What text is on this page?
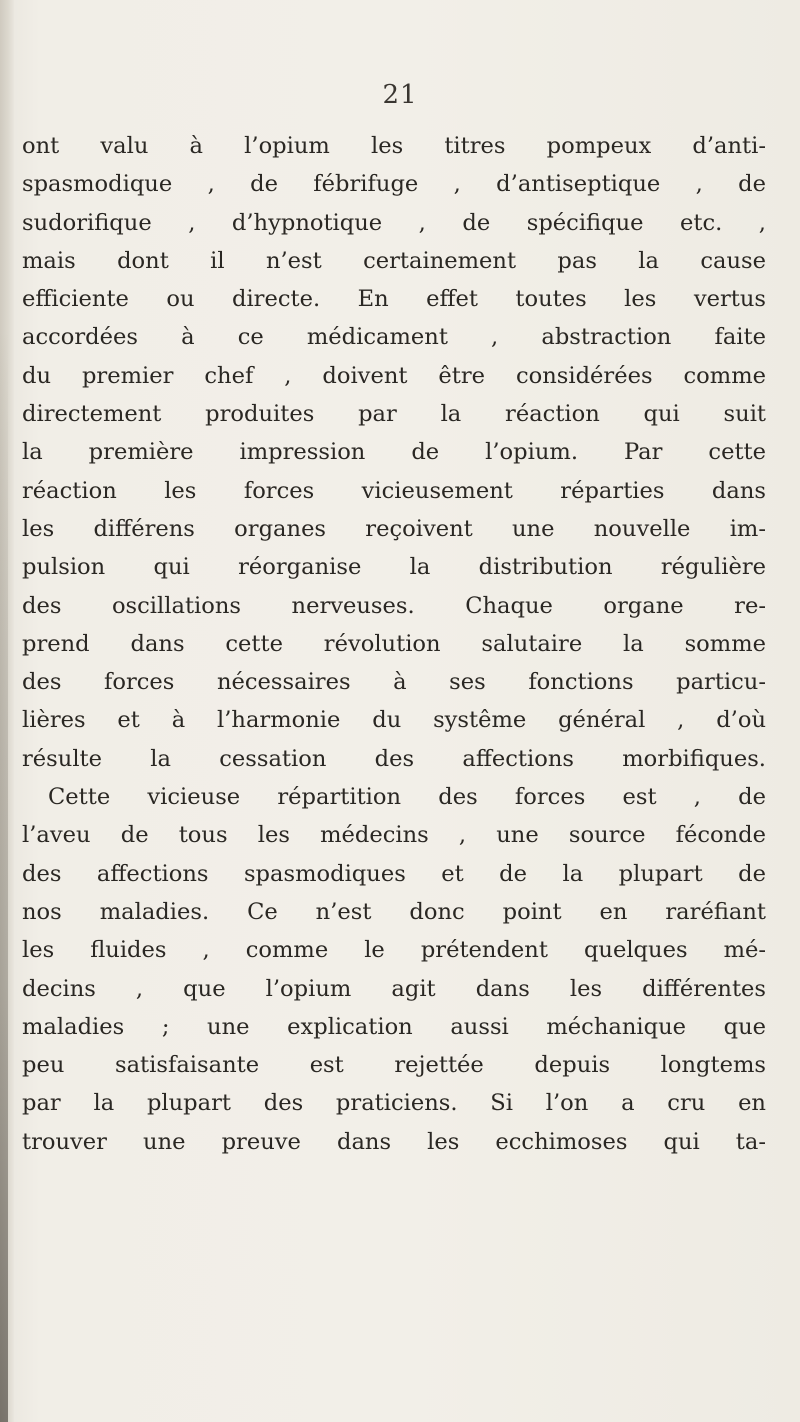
21
ont valu à l’opium les titres pompeux d’anti-
spasmodique , de fébrifuge , d’antiseptique , de
sudorifique , d’hypnotique , de spécifique etc. ,
mais dont il n’est certainement pas la cause
efficiente ou directe. En effet toutes les vertus
accordées à ce médicament , abstraction faite
du premier chef , doivent être considérées comme
directement produites par la réaction qui suit
la première impression de l’opium. Par cette
réaction les forces vicieusement réparties dans
les différens organes reçoivent une nouvelle im-
pulsion qui réorganise la distribution régulière
des oscillations nerveuses. Chaque organe re-
prend dans cette révolution salutaire la somme
des forces nécessaires à ses fonctions particu-
lières et à l’harmonie du systême général , d’où
résulte la cessation des affections morbifiques.
Cette vicieuse répartition des forces est , de
l’aveu de tous les médecins , une source féconde
des affections spasmodiques et de la plupart de
nos maladies. Ce n’est donc point en raréfiant
les fluides , comme le prétendent quelques mé-
decins , que l’opium agit dans les différentes
maladies ; une explication aussi méchanique que
peu satisfaisante est rejettée depuis longtems
par la plupart des praticiens. Si l’on a cru en
trouver une preuve dans les ecchimoses qui ta-
